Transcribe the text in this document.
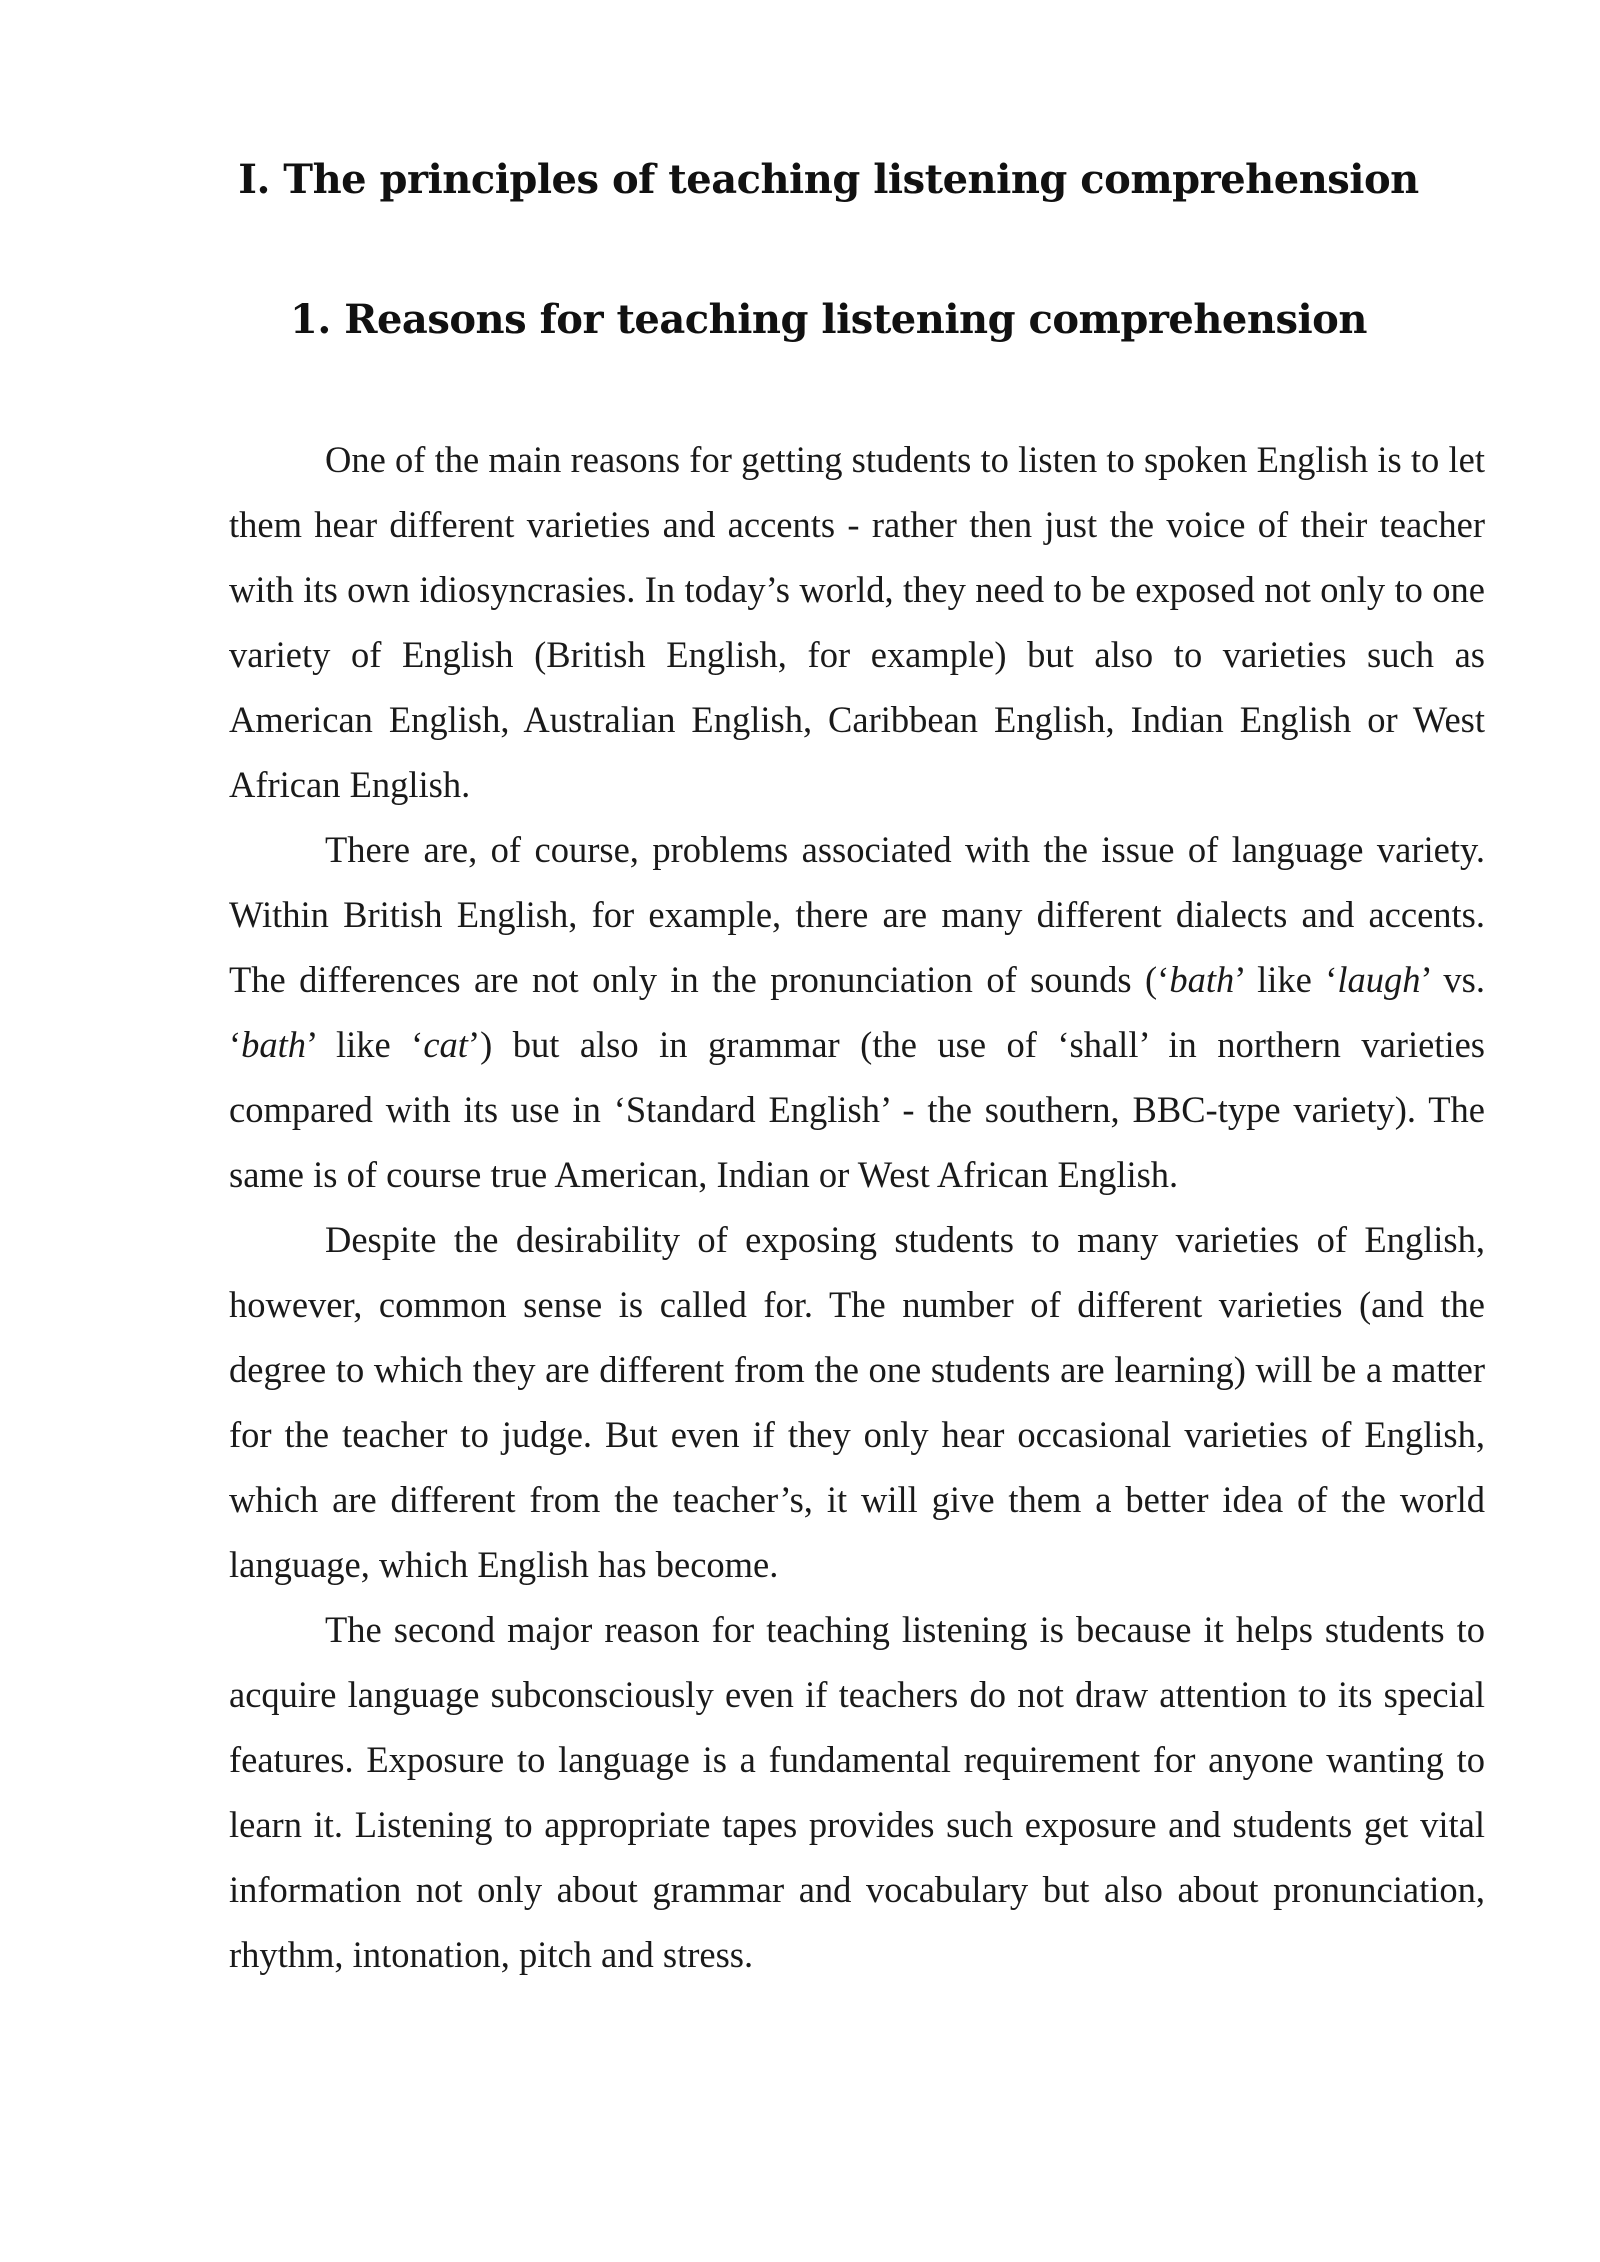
I. The principles of teaching listening comprehension
1. Reasons for teaching listening comprehension

One of the main reasons for getting students to listen to spoken English is to let them hear different varieties and accents - rather then just the voice of their teacher with its own idiosyncrasies. In today’s world, they need to be exposed not only to one variety of English (British English, for example) but also to varieties such as American English, Australian English, Caribbean English, Indian English or West African English.

There are, of course, problems associated with the issue of language variety. Within British English, for example, there are many different dialects and accents. The differences are not only in the pronunciation of sounds (‘bath’ like ‘laugh’ vs. ‘bath’ like ‘cat’) but also in grammar (the use of ‘shall’ in northern varieties compared with its use in ‘Standard English’ - the southern, BBC-type variety). The same is of course true American, Indian or West African English.

Despite the desirability of exposing students to many varieties of English, however, common sense is called for. The number of different varieties (and the degree to which they are different from the one students are learning) will be a matter for the teacher to judge. But even if they only hear occasional varieties of English, which are different from the teacher’s, it will give them a better idea of the world language, which English has become.

The second major reason for teaching listening is because it helps students to acquire language subconsciously even if teachers do not draw attention to its special features. Exposure to language is a fundamental requirement for anyone wanting to learn it. Listening to appropriate tapes provides such exposure and students get vital information not only about grammar and vocabulary but also about pronunciation, rhythm, intonation, pitch and stress.
